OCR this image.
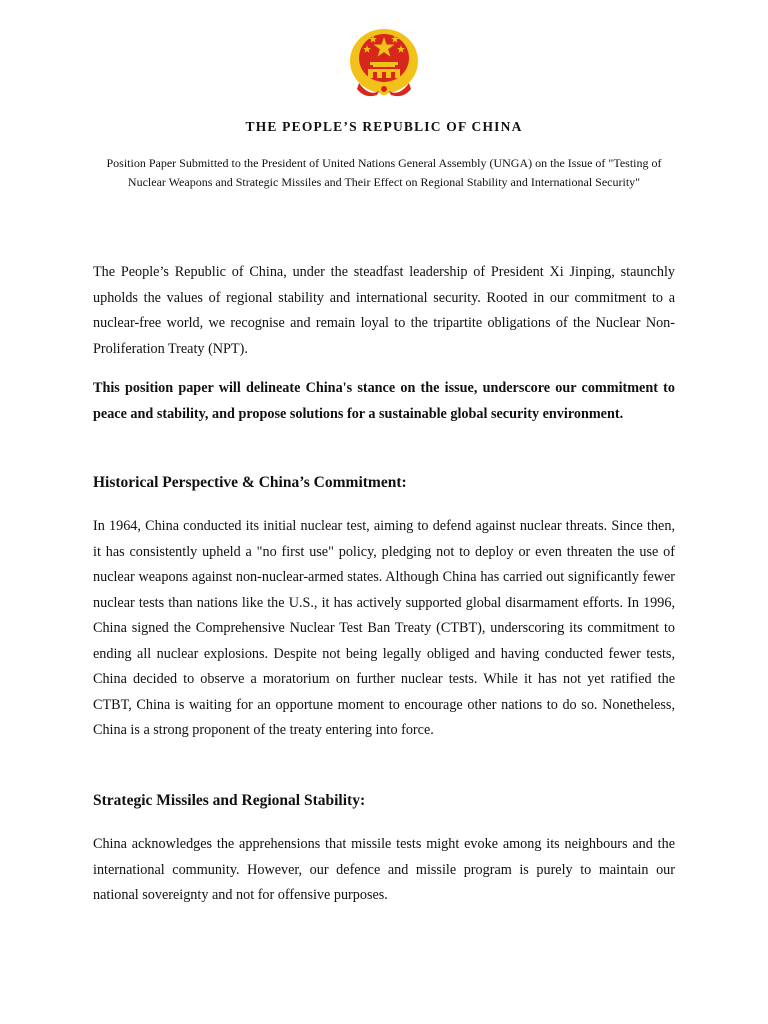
THE PEOPLE’S REPUBLIC OF CHINA
Position Paper Submitted to the President of United Nations General Assembly (UNGA) on the Issue of "Testing of Nuclear Weapons and Strategic Missiles and Their Effect on Regional Stability and International Security"

The People’s Republic of China, under the steadfast leadership of President Xi Jinping, staunchly upholds the values of regional stability and international security. Rooted in our commitment to a nuclear-free world, we recognise and remain loyal to the tripartite obligations of the Nuclear Non-Proliferation Treaty (NPT).

This position paper will delineate China's stance on the issue, underscore our commitment to peace and stability, and propose solutions for a sustainable global security environment.

Historical Perspective & China’s Commitment:

In 1964, China conducted its initial nuclear test, aiming to defend against nuclear threats. Since then, it has consistently upheld a "no first use" policy, pledging not to deploy or even threaten the use of nuclear weapons against non-nuclear-armed states. Although China has carried out significantly fewer nuclear tests than nations like the U.S., it has actively supported global disarmament efforts. In 1996, China signed the Comprehensive Nuclear Test Ban Treaty (CTBT), underscoring its commitment to ending all nuclear explosions. Despite not being legally obliged and having conducted fewer tests, China decided to observe a moratorium on further nuclear tests. While it has not yet ratified the CTBT, China is waiting for an opportune moment to encourage other nations to do so. Nonetheless, China is a strong proponent of the treaty entering into force.

Strategic Missiles and Regional Stability:

China acknowledges the apprehensions that missile tests might evoke among its neighbours and the international community. However, our defence and missile program is purely to maintain our national sovereignty and not for offensive purposes.
